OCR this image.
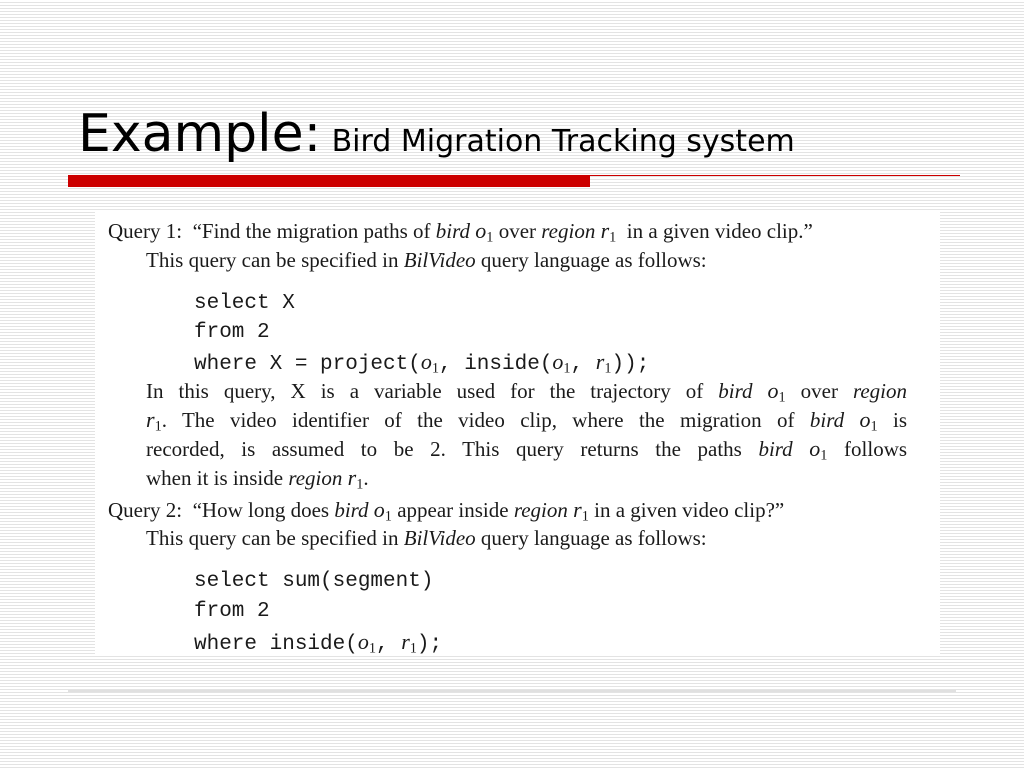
Example: Bird Migration Tracking system
Query 1: “Find the migration paths of bird $o_1$ over region $r_1$ in a given video clip.”
This query can be specified in BilVideo query language as follows:
select X
from 2
where $X = project(o_1$, $inside(o_1$, $r_1$));
In this query, X is a variable used for the trajectory of bird $o_1$ over region
$r_1$. The video identifier of the video clip, where the migration of bird $o_1$ is
recorded, is assumed to be 2. This query returns the paths bird $o_1$ follows
when it is inside region $r_1$.
Query 2: “How long does bird $o_1$ appear inside region $r_1$ in a given video clip?”
This query can be specified in BilVideo query language as follows:
select sum(segment)
from 2
where $inside(o_1$, $r_1$);
